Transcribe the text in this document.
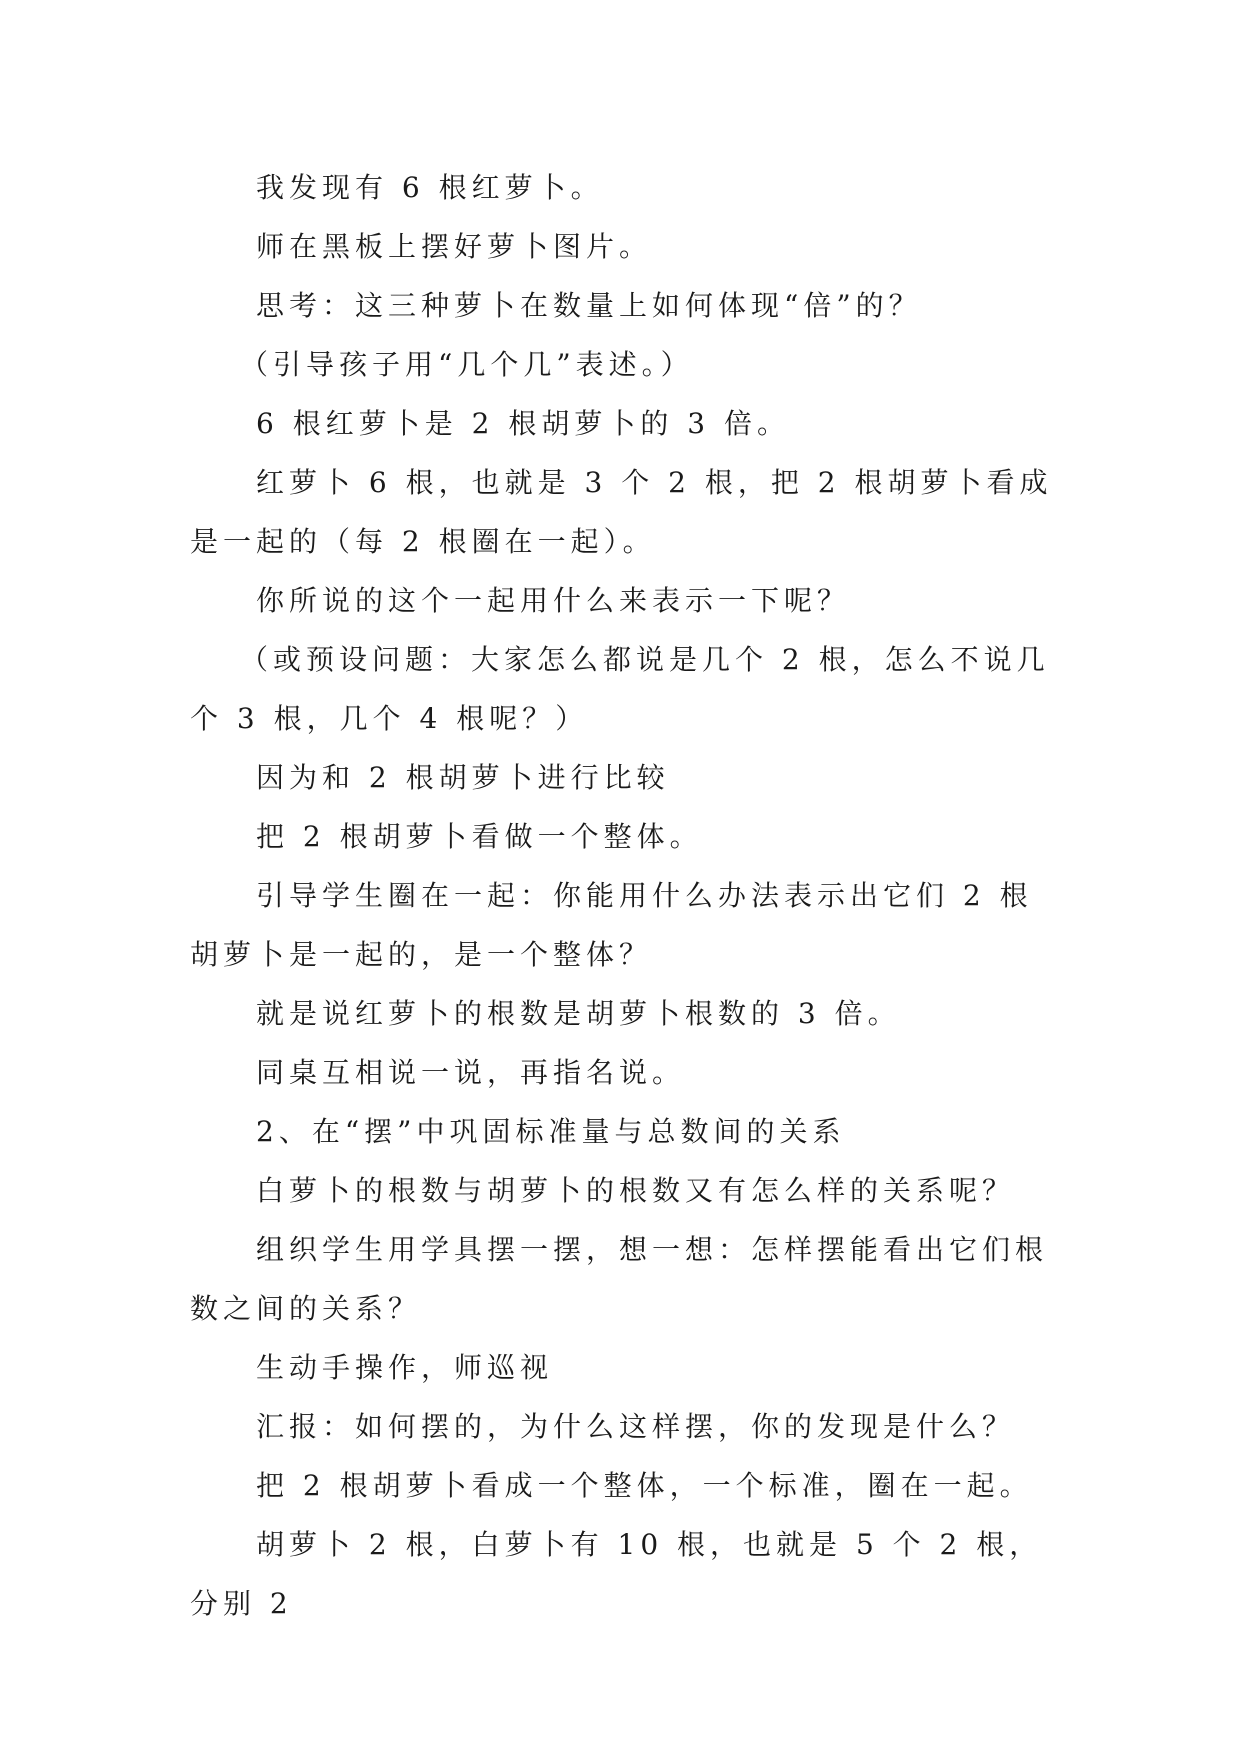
我发现有 6 根红萝卜。

师在黑板上摆好萝卜图片。

思考：这三种萝卜在数量上如何体现“倍”的？

（引导孩子用“几个几”表述。）

6 根红萝卜是 2 根胡萝卜的 3 倍。

红萝卜 6 根，也就是 3 个 2 根，把 2 根胡萝卜看成是一起的（每 2 根圈在一起）。

你所说的这个一起用什么来表示一下呢？

（或预设问题：大家怎么都说是几个 2 根，怎么不说几个 3 根，几个 4 根呢？）

因为和 2 根胡萝卜进行比较

把 2 根胡萝卜看做一个整体。

引导学生圈在一起：你能用什么办法表示出它们 2 根胡萝卜是一起的，是一个整体？

就是说红萝卜的根数是胡萝卜根数的 3 倍。

同桌互相说一说，再指名说。

2、在“摆”中巩固标准量与总数间的关系

白萝卜的根数与胡萝卜的根数又有怎么样的关系呢？

组织学生用学具摆一摆，想一想：怎样摆能看出它们根数之间的关系？

生动手操作，师巡视

汇报：如何摆的，为什么这样摆，你的发现是什么？

把 2 根胡萝卜看成一个整体，一个标准，圈在一起。

胡萝卜 2 根，白萝卜有 10 根，也就是 5 个 2 根，分别 2
